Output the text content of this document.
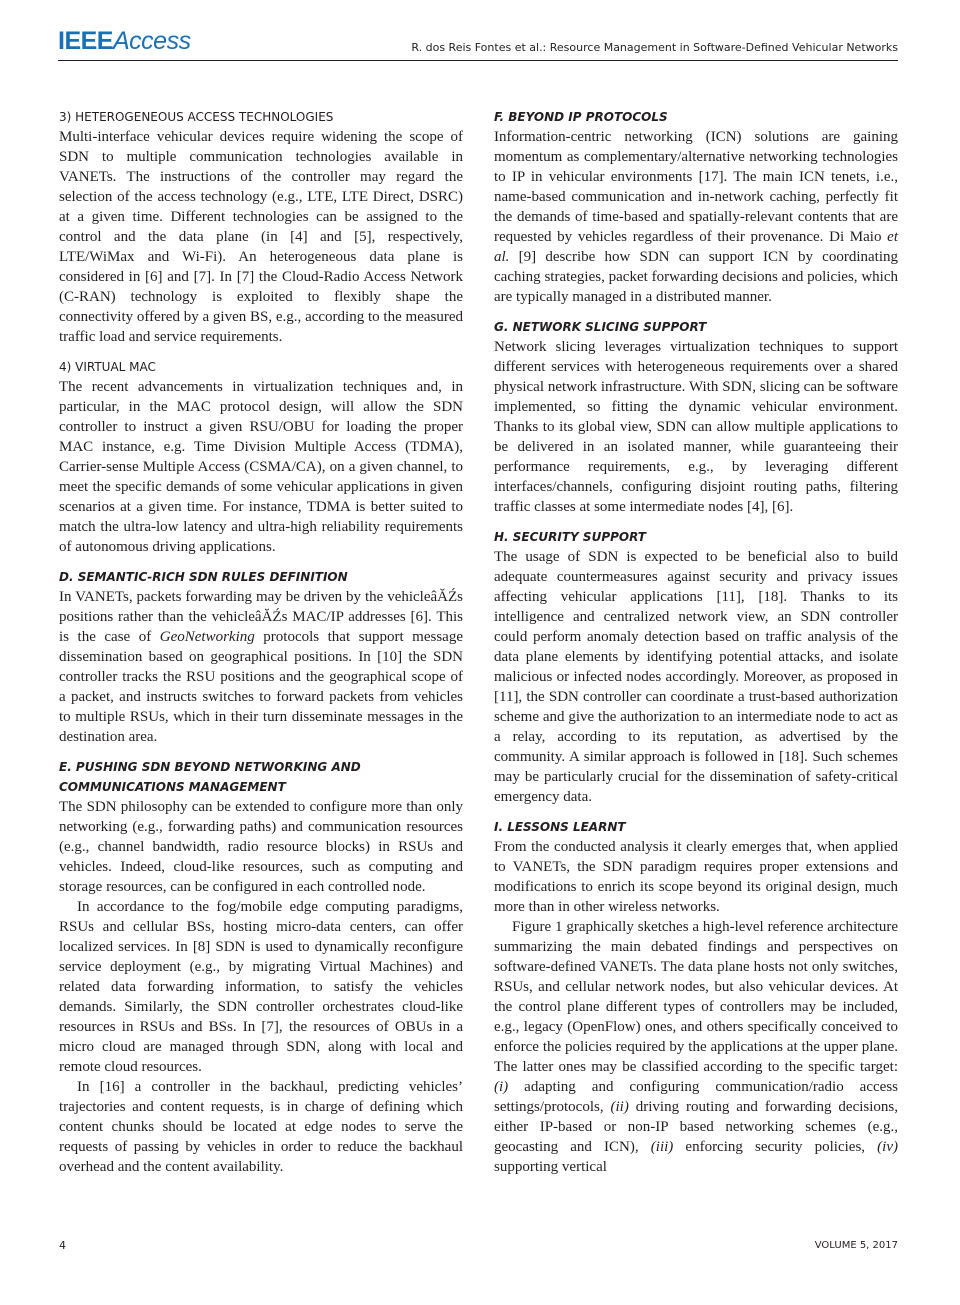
IEEEAccess	R. dos Reis Fontes et al.: Resource Management in Software-Defined Vehicular Networks
3) HETEROGENEOUS ACCESS TECHNOLOGIES

Multi-interface vehicular devices require widening the scope of SDN to multiple communication technologies available in VANETs. The instructions of the controller may regard the selection of the access technology (e.g., LTE, LTE Direct, DSRC) at a given time. Different technologies can be assigned to the control and the data plane (in [4] and [5], respectively, LTE/WiMax and Wi-Fi). An heterogeneous data plane is considered in [6] and [7]. In [7] the Cloud-Radio Access Network (C-RAN) technology is exploited to flexibly shape the connectivity offered by a given BS, e.g., according to the measured traffic load and service requirements.

4) VIRTUAL MAC

The recent advancements in virtualization techniques and, in particular, in the MAC protocol design, will allow the SDN controller to instruct a given RSU/OBU for loading the proper MAC instance, e.g. Time Division Multiple Access (TDMA), Carrier-sense Multiple Access (CSMA/CA), on a given channel, to meet the specific demands of some vehicular applications in given scenarios at a given time. For instance, TDMA is better suited to match the ultra-low latency and ultra-high reliability requirements of autonomous driving applications.

D. SEMANTIC-RICH SDN RULES DEFINITION

In VANETs, packets forwarding may be driven by the vehicleâĂŹs positions rather than the vehicleâĂŹs MAC/IP addresses [6]. This is the case of GeoNetworking protocols that support message dissemination based on geographical positions. In [10] the SDN controller tracks the RSU positions and the geographical scope of a packet, and instructs switches to forward packets from vehicles to multiple RSUs, which in their turn disseminate messages in the destination area.

E. PUSHING SDN BEYOND NETWORKING AND COMMUNICATIONS MANAGEMENT

The SDN philosophy can be extended to configure more than only networking (e.g., forwarding paths) and communication resources (e.g., channel bandwidth, radio resource blocks) in RSUs and vehicles. Indeed, cloud-like resources, such as computing and storage resources, can be configured in each controlled node.

In accordance to the fog/mobile edge computing paradigms, RSUs and cellular BSs, hosting micro-data centers, can offer localized services. In [8] SDN is used to dynamically reconfigure service deployment (e.g., by migrating Virtual Machines) and related data forwarding information, to satisfy the vehicles demands. Similarly, the SDN controller orchestrates cloud-like resources in RSUs and BSs. In [7], the resources of OBUs in a micro cloud are managed through SDN, along with local and remote cloud resources.

In [16] a controller in the backhaul, predicting vehicles’ trajectories and content requests, is in charge of defining which content chunks should be located at edge nodes to serve the requests of passing by vehicles in order to reduce the backhaul overhead and the content availability.

F. BEYOND IP PROTOCOLS

Information-centric networking (ICN) solutions are gaining momentum as complementary/alternative networking technologies to IP in vehicular environments [17]. The main ICN tenets, i.e., name-based communication and in-network caching, perfectly fit the demands of time-based and spatially-relevant contents that are requested by vehicles regardless of their provenance. Di Maio et al. [9] describe how SDN can support ICN by coordinating caching strategies, packet forwarding decisions and policies, which are typically managed in a distributed manner.

G. NETWORK SLICING SUPPORT

Network slicing leverages virtualization techniques to support different services with heterogeneous requirements over a shared physical network infrastructure. With SDN, slicing can be software implemented, so fitting the dynamic vehicular environment. Thanks to its global view, SDN can allow multiple applications to be delivered in an isolated manner, while guaranteeing their performance requirements, e.g., by leveraging different interfaces/channels, configuring disjoint routing paths, filtering traffic classes at some intermediate nodes [4], [6].

H. SECURITY SUPPORT

The usage of SDN is expected to be beneficial also to build adequate countermeasures against security and privacy issues affecting vehicular applications [11], [18]. Thanks to its intelligence and centralized network view, an SDN controller could perform anomaly detection based on traffic analysis of the data plane elements by identifying potential attacks, and isolate malicious or infected nodes accordingly. Moreover, as proposed in [11], the SDN controller can coordinate a trust-based authorization scheme and give the authorization to an intermediate node to act as a relay, according to its reputation, as advertised by the community. A similar approach is followed in [18]. Such schemes may be particularly crucial for the dissemination of safety-critical emergency data.

I. LESSONS LEARNT

From the conducted analysis it clearly emerges that, when applied to VANETs, the SDN paradigm requires proper extensions and modifications to enrich its scope beyond its original design, much more than in other wireless networks.

Figure 1 graphically sketches a high-level reference architecture summarizing the main debated findings and perspectives on software-defined VANETs. The data plane hosts not only switches, RSUs, and cellular network nodes, but also vehicular devices. At the control plane different types of controllers may be included, e.g., legacy (OpenFlow) ones, and others specifically conceived to enforce the policies required by the applications at the upper plane. The latter ones may be classified according to the specific target: (i) adapting and configuring communication/radio access settings/protocols, (ii) driving routing and forwarding decisions, either IP-based or non-IP based networking schemes (e.g., geocasting and ICN), (iii) enforcing security policies, (iv) supporting vertical

4	VOLUME 5, 2017
